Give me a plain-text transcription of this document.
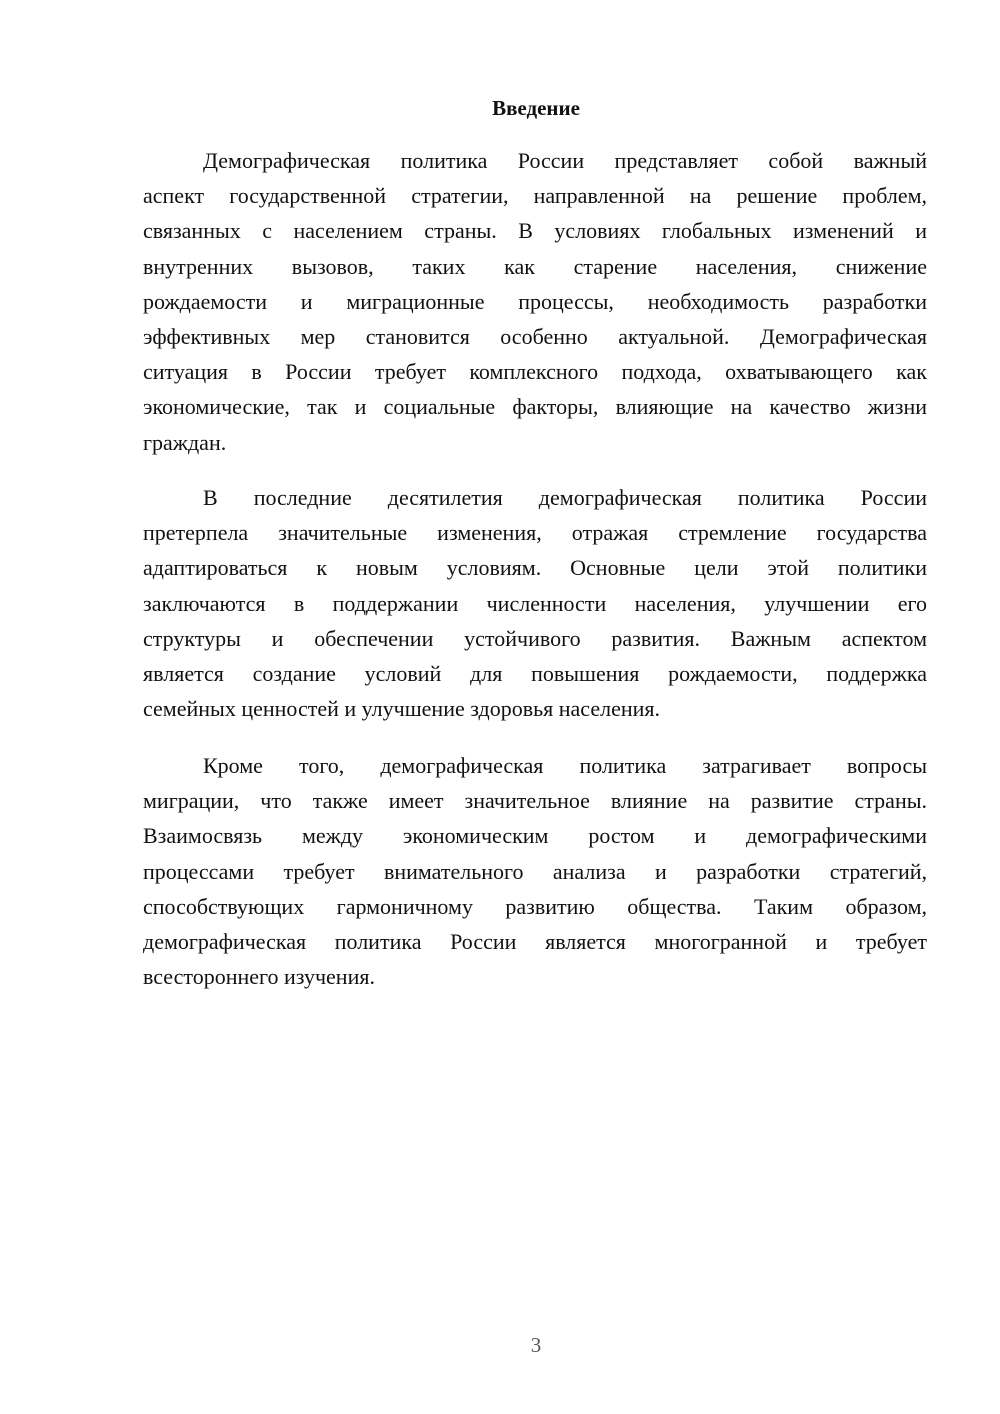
Введение
Демографическая политика России представляет собой важный
аспект государственной стратегии, направленной на решение проблем,
связанных с населением страны. В условиях глобальных изменений и
внутренних вызовов, таких как старение населения, снижение
рождаемости и миграционные процессы, необходимость разработки
эффективных мер становится особенно актуальной. Демографическая
ситуация в России требует комплексного подхода, охватывающего как
экономические, так и социальные факторы, влияющие на качество жизни
граждан.
В последние десятилетия демографическая политика России
претерпела значительные изменения, отражая стремление государства
адаптироваться к новым условиям. Основные цели этой политики
заключаются в поддержании численности населения, улучшении его
структуры и обеспечении устойчивого развития. Важным аспектом
является создание условий для повышения рождаемости, поддержка
семейных ценностей и улучшение здоровья населения.
Кроме того, демографическая политика затрагивает вопросы
миграции, что также имеет значительное влияние на развитие страны.
Взаимосвязь между экономическим ростом и демографическими
процессами требует внимательного анализа и разработки стратегий,
способствующих гармоничному развитию общества. Таким образом,
демографическая политика России является многогранной и требует
всестороннего изучения.
3
